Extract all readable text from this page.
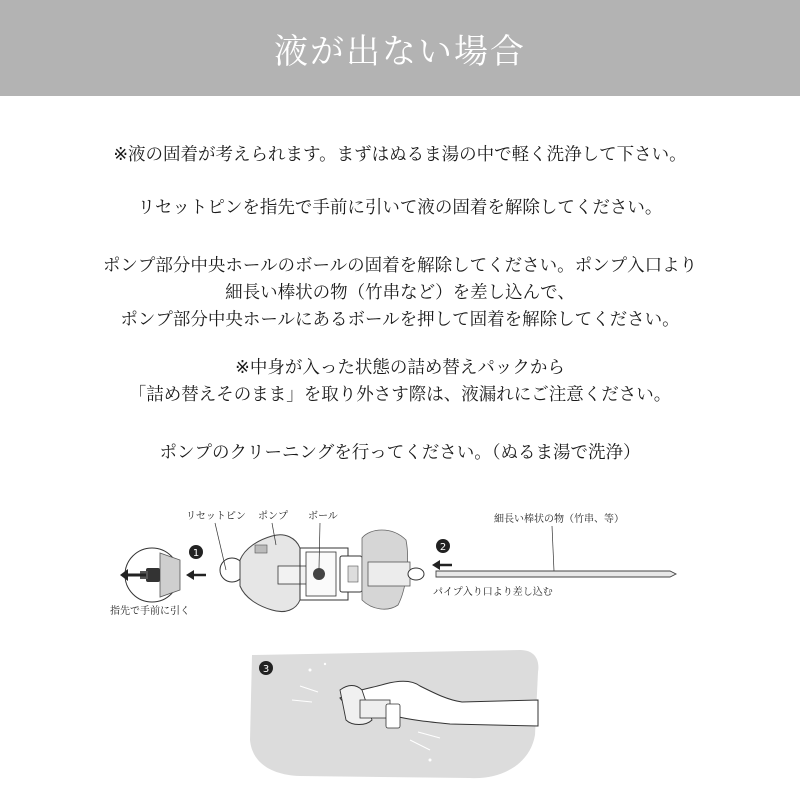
液が出ない場合
※液の固着が考えられます。まずはぬるま湯の中で軽く洗浄して下さい。
リセットピンを指先で手前に引いて液の固着を解除してください。
ポンプ部分中央ホールのボールの固着を解除してください。ポンプ入口より
細長い棒状の物（竹串など）を差し込んで、
ポンプ部分中央ホールにあるボールを押して固着を解除してください。
※中身が入った状態の詰め替えパックから
「詰め替えそのまま」を取り外さす際は、液漏れにご注意ください。
ポンプのクリーニングを行ってください。（ぬるま湯で洗浄）
指先で手前に引く
1
リセットピン ポンプ ボール
2
細長い棒状の物（竹串、等）
パイプ入り口より差し込む
3
